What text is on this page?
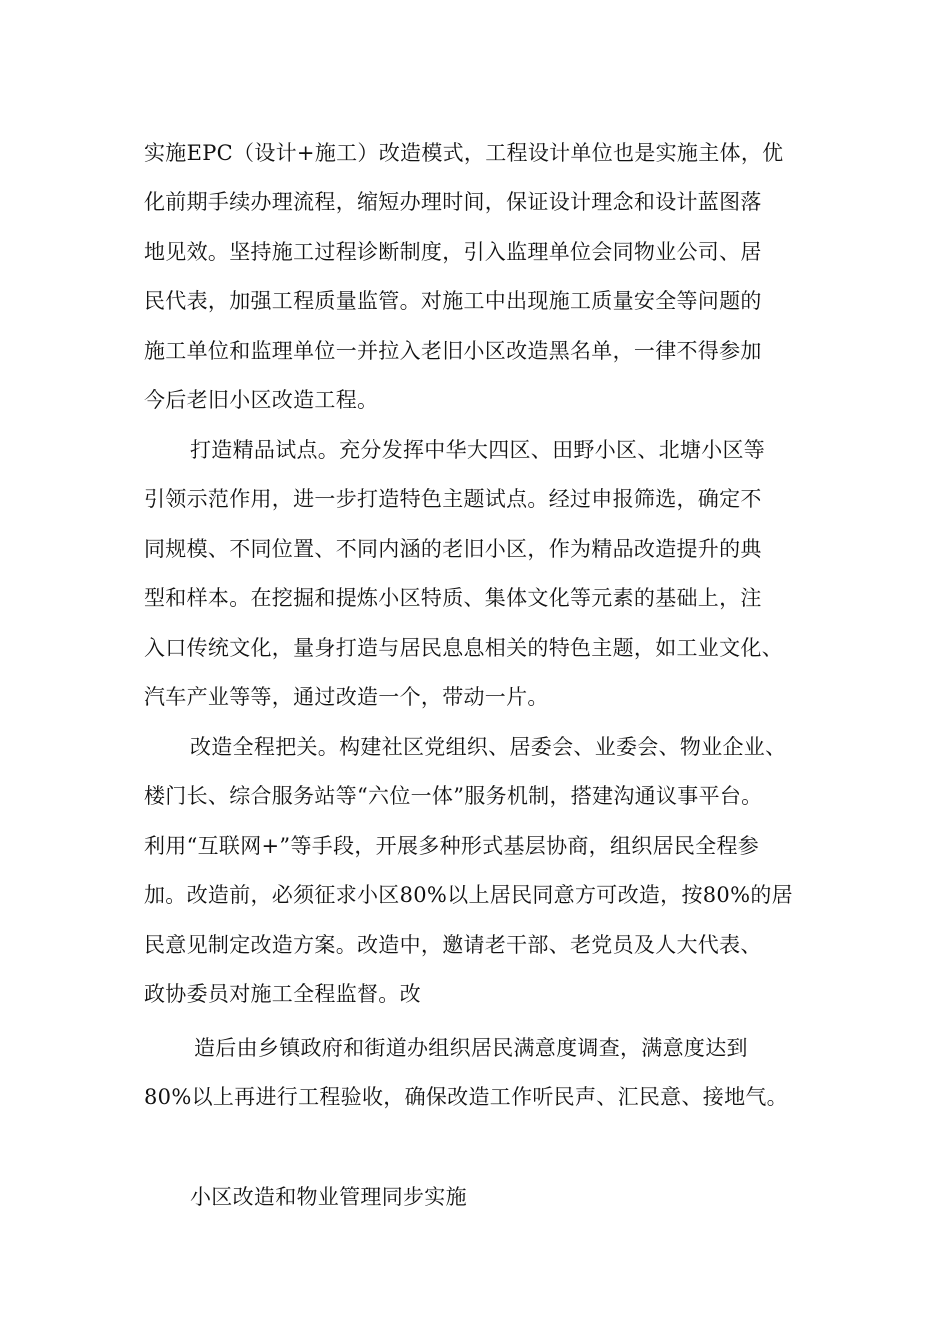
实施EPC（设计+施工）改造模式，工程设计单位也是实施主体，优
化前期手续办理流程，缩短办理时间，保证设计理念和设计蓝图落
地见效。坚持施工过程诊断制度，引入监理单位会同物业公司、居
民代表，加强工程质量监管。对施工中出现施工质量安全等问题的
施工单位和监理单位一并拉入老旧小区改造黑名单，一律不得参加
今后老旧小区改造工程。
打造精品试点。充分发挥中华大四区、田野小区、北塘小区等
引领示范作用，进一步打造特色主题试点。经过申报筛选，确定不
同规模、不同位置、不同内涵的老旧小区，作为精品改造提升的典
型和样本。在挖掘和提炼小区特质、集体文化等元素的基础上，注
入口传统文化，量身打造与居民息息相关的特色主题，如工业文化、
汽车产业等等，通过改造一个，带动一片。
改造全程把关。构建社区党组织、居委会、业委会、物业企业、
楼门长、综合服务站等“六位一体”服务机制，搭建沟通议事平台。
利用“互联网+”等手段，开展多种形式基层协商，组织居民全程参
加。改造前，必须征求小区80%以上居民同意方可改造，按80%的居
民意见制定改造方案。改造中，邀请老干部、老党员及人大代表、
政协委员对施工全程监督。改
造后由乡镇政府和街道办组织居民满意度调查，满意度达到
80%以上再进行工程验收，确保改造工作听民声、汇民意、接地气。
小区改造和物业管理同步实施
